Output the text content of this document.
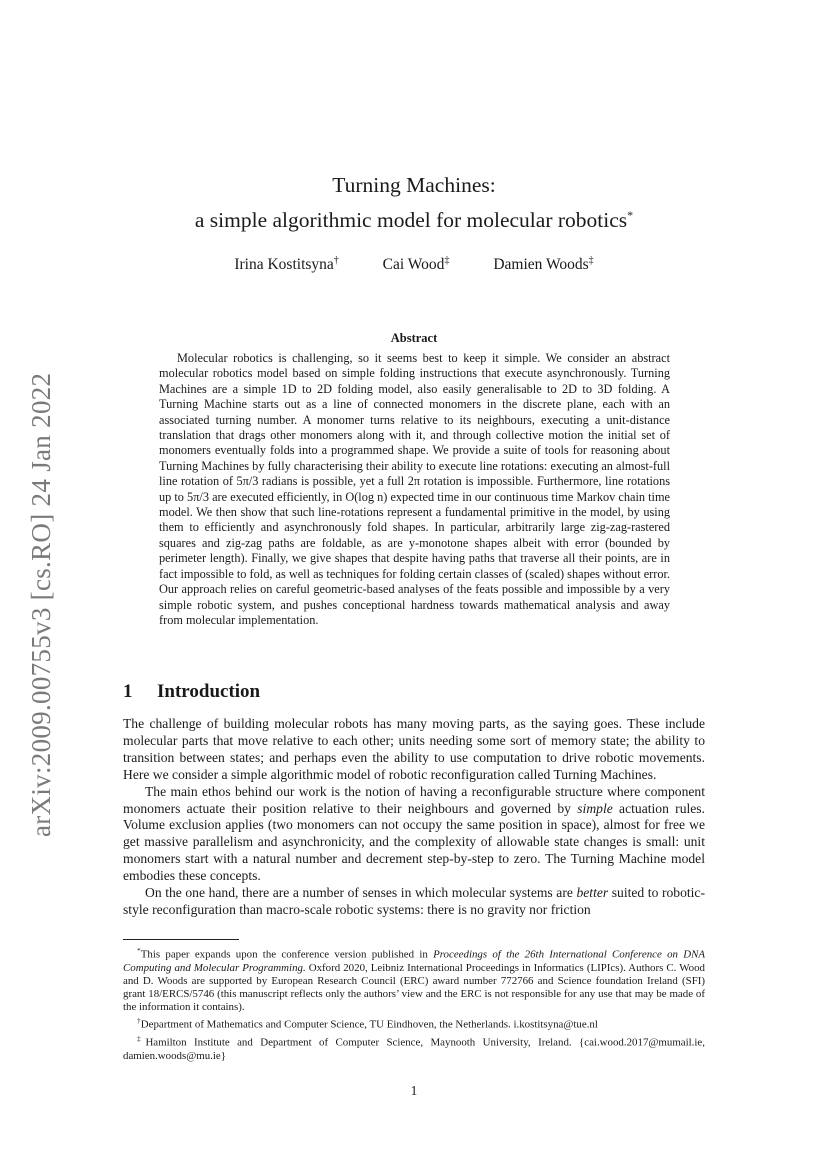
arXiv:2009.00755v3 [cs.RO] 24 Jan 2022
Turning Machines:
a simple algorithmic model for molecular robotics*
Irina Kostitsyna†	Cai Wood‡	Damien Woods‡
Abstract

Molecular robotics is challenging, so it seems best to keep it simple. We consider an abstract molecular robotics model based on simple folding instructions that execute asynchronously. Turning Machines are a simple 1D to 2D folding model, also easily generalisable to 2D to 3D folding. A Turning Machine starts out as a line of connected monomers in the discrete plane, each with an associated turning number. A monomer turns relative to its neighbours, executing a unit-distance translation that drags other monomers along with it, and through collective motion the initial set of monomers eventually folds into a programmed shape. We provide a suite of tools for reasoning about Turning Machines by fully characterising their ability to execute line rotations: executing an almost-full line rotation of 5π/3 radians is possible, yet a full 2π rotation is impossible. Furthermore, line rotations up to 5π/3 are executed efficiently, in O(log n) expected time in our continuous time Markov chain time model. We then show that such line-rotations represent a fundamental primitive in the model, by using them to efficiently and asynchronously fold shapes. In particular, arbitrarily large zig-zag-rastered squares and zig-zag paths are foldable, as are y-monotone shapes albeit with error (bounded by perimeter length). Finally, we give shapes that despite having paths that traverse all their points, are in fact impossible to fold, as well as techniques for folding certain classes of (scaled) shapes without error. Our approach relies on careful geometric-based analyses of the feats possible and impossible by a very simple robotic system, and pushes conceptional hardness towards mathematical analysis and away from molecular implementation.

1 Introduction

The challenge of building molecular robots has many moving parts, as the saying goes. These include molecular parts that move relative to each other; units needing some sort of memory state; the ability to transition between states; and perhaps even the ability to use computation to drive robotic movements. Here we consider a simple algorithmic model of robotic reconfiguration called Turning Machines.

The main ethos behind our work is the notion of having a reconfigurable structure where component monomers actuate their position relative to their neighbours and governed by simple actuation rules. Volume exclusion applies (two monomers can not occupy the same position in space), almost for free we get massive parallelism and asynchronicity, and the complexity of allowable state changes is small: unit monomers start with a natural number and decrement step-by-step to zero. The Turning Machine model embodies these concepts.

On the one hand, there are a number of senses in which molecular systems are better suited to robotic-style reconfiguration than macro-scale robotic systems: there is no gravity nor friction

*This paper expands upon the conference version published in Proceedings of the 26th International Conference on DNA Computing and Molecular Programming. Oxford 2020, Leibniz International Proceedings in Informatics (LIPIcs). Authors C. Wood and D. Woods are supported by European Research Council (ERC) award number 772766 and Science foundation Ireland (SFI) grant 18/ERCS/5746 (this manuscript reflects only the authors’ view and the ERC is not responsible for any use that may be made of the information it contains).

†Department of Mathematics and Computer Science, TU Eindhoven, the Netherlands. i.kostitsyna@tue.nl

‡Hamilton Institute and Department of Computer Science, Maynooth University, Ireland. {cai.wood.2017@mumail.ie, damien.woods@mu.ie}

1
